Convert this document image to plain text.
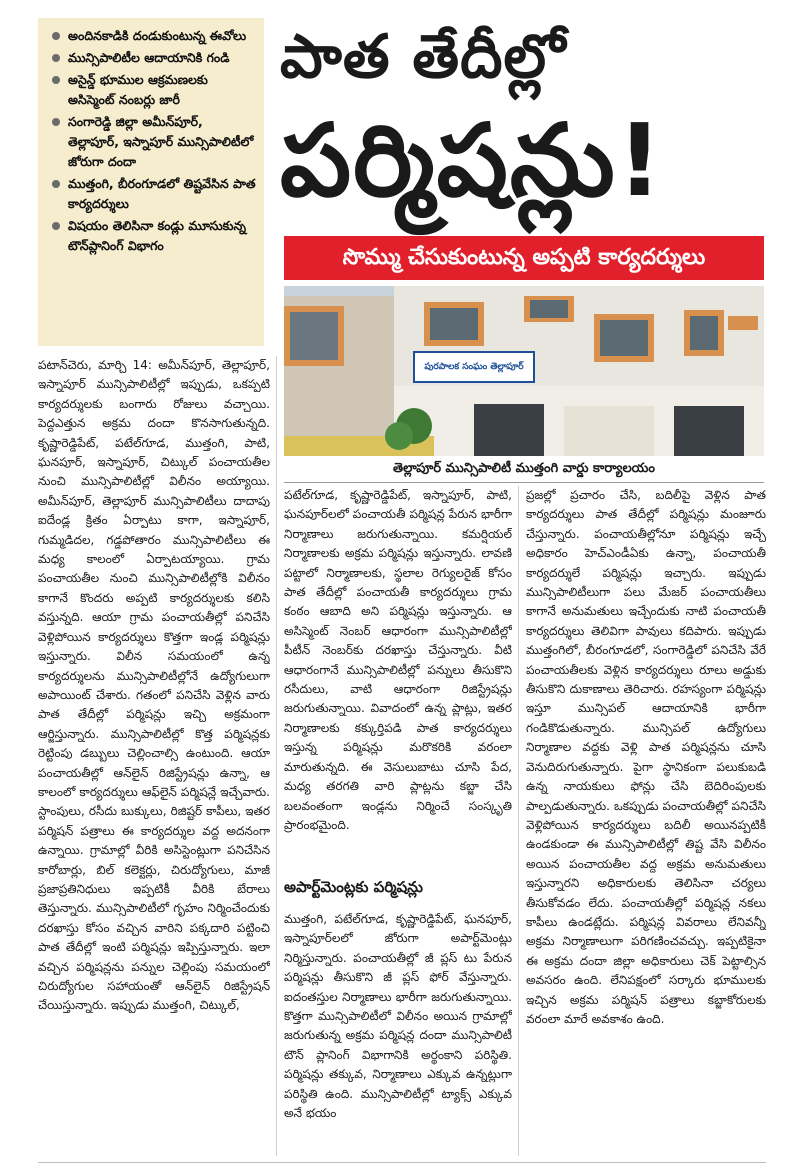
అందినకాడికి దండుకుంటున్న ఈవోలు
మున్సిపాలిటీల ఆదాయానికి గండి
అసైన్డ్ భూముల ఆక్రమణలకు అసిస్మెంట్ నంబర్లు జారీ
సంగారెడ్డి జిల్లా అమీన్‌పూర్, తెల్లాపూర్, ఇస్నాపూర్ మున్సిపాలిటీలో జోరుగా దందా
ముత్తంగి, బీరంగూడలో తిష్టవేసిన పాత కార్యదర్శులు
విషయం తెలిసినా కండ్లు మూసుకున్న టౌన్‌ప్లానింగ్ విభాగం
పాత తేదీల్లో
పర్మిషన్లు!
సొమ్ము చేసుకుంటున్న అప్పటి కార్యదర్శులు
పురపాలక సంఘం తెల్లాపూర్
తెల్లాపూర్ మున్సిపాలిటీ ముత్తంగి వార్డు కార్యాలయం

పటాన్‌చెరు, మార్చి 14: అమీన్‌పూర్, తెల్లాపూర్, ఇస్నాపూర్ మున్సిపాలిటీల్లో ఇప్పుడు, ఒకప్పటి కార్యదర్శులకు బంగారు రోజులు వచ్చాయి. పెద్దఎత్తున అక్రమ దందా కొనసాగుతున్నది. కృష్ణారెడ్డిపేట్, పటేల్‌గూడ, ముత్తంగి, పాటి, ఘనపూర్, ఇస్నాపూర్, చిట్కుల్ పంచాయతీల నుంచి మున్సిపాలిటీల్లో విలీనం అయ్యాయి. అమీన్‌పూర్, తెల్లాపూర్ మున్సిపాలిటీలు దాదాపు ఐదేండ్ల క్రితం ఏర్పాటు కాగా, ఇస్నాపూర్, గుమ్మడిదల, గడ్డపోతారం మున్సిపాలిటీలు ఈ మధ్య కాలంలో ఏర్పాటయ్యాయి. గ్రామ పంచాయతీల నుంచి మున్సిపాలిటీల్లోకి విలీనం కాగానే కొందరు అప్పటి కార్యదర్శులకు కలిసి వస్తున్నది. ఆయా గ్రామ పంచాయతీల్లో పనిచేసి వెళ్లిపోయిన కార్యదర్శులు కొత్తగా ఇండ్ల పర్మిషన్లు ఇస్తున్నారు. విలీన సమయంలో ఉన్న కార్యదర్శులను మున్సిపాలిటీల్లోనే ఉద్యోగులుగా అపాయింట్ చేశారు. గతంలో పనిచేసి వెళ్లిన వారు పాత తేదీల్లో పర్మిషన్లు ఇచ్చి అక్రమంగా ఆర్జిస్తున్నారు. మున్సిపాలిటీల్లో కొత్త పర్మిషన్లకు రెట్టింపు డబ్బులు చెల్లించాల్సి ఉంటుంది. ఆయా పంచాయతీల్లో ఆన్‌లైన్ రిజిస్ట్రేషన్లు ఉన్నా, ఆ కాలంలో కార్యదర్శులు ఆఫ్‌లైన్ పర్మిషన్లే ఇచ్చేవారు. స్టాంపులు, రసీదు బుక్కులు, రిజిష్టర్ కాపీలు, ఇతర పర్మిషన్ పత్రాలు ఈ కార్యదర్శుల వద్ద అదనంగా ఉన్నాయి. గ్రామాల్లో వీరికి అసిస్టెంట్లుగా పనిచేసిన కారోబార్లు, బిల్ కలెక్టర్లు, చిరుద్యోగులు, మాజీ ప్రజాప్రతినిధులు ఇప్పటికీ వీరికి బేరాలు తెస్తున్నారు. మున్సిపాలిటీలో గృహం నిర్మించేందుకు దరఖాస్తు కోసం వచ్చిన వారిని పక్కదారి పట్టించి పాత తేదీల్లో ఇంటి పర్మిషన్లు ఇప్పిస్తున్నారు. ఇలా వచ్చిన పర్మిషన్లను పన్నుల చెల్లింపు సమయంలో చిరుద్యోగుల సహాయంతో ఆన్‌లైన్ రిజిస్ట్రేషన్ చేయిస్తున్నారు. ఇప్పుడు ముత్తంగి, చిట్కుల్,

పటేల్‌గూడ, కృష్ణారెడ్డిపేట్, ఇస్నాపూర్, పాటి, ఘనపూర్‌లలో పంచాయతీ పర్మిషన్ల పేరున భారీగా నిర్మాణాలు జరుగుతున్నాయి. కమర్షియల్ నిర్మాణాలకు అక్రమ పర్మిషన్లు ఇస్తున్నారు. లావణి పట్టాలో నిర్మాణాలకు, స్థలాల రెగ్యులరైజ్ కోసం పాత తేదీల్లో పంచాయతీ కార్యదర్శులు గ్రామ కంఠం ఆబాది అని పర్మిషన్లు ఇస్తున్నారు. ఆ అసిస్మెంట్ నెంబర్ ఆధారంగా మున్సిపాలిటీల్లో పీటీన్ నెంబర్‌కు దరఖాస్తు చేస్తున్నారు. వీటి ఆధారంగానే మున్సిపాలిటీల్లో పన్నులు తీసుకొని రసీదులు, వాటి ఆధారంగా రిజిస్ట్రేషన్లు జరుగుతున్నాయి. వివాదంలో ఉన్న ప్లాట్లు, ఇతర నిర్మాణాలకు కక్కుర్తిపడి పాత కార్యదర్శులు ఇస్తున్న పర్మిషన్లు మరొకరికి వరంలా మారుతున్నది. ఈ వెసులుబాటు చూసి పేద, మధ్య తరగతి వారి ప్లాట్లను కబ్జా చేసి బలవంతంగా ఇండ్లను నిర్మించే సంస్కృతి ప్రారంభమైంది.

అపార్ట్‌మెంట్లకు పర్మిషన్లు

ముత్తంగి, పటేల్‌గూడ, కృష్ణారెడ్డిపేట్, ఘనపూర్, ఇస్నాపూర్‌లలో జోరుగా అపార్ట్‌మెంట్లు నిర్మిస్తున్నారు. పంచాయతీల్లో జీ ప్లస్ టు పేరున పర్మిషన్లు తీసుకొని జీ ప్లస్ ఫోర్ వేస్తున్నారు. ఐదంతస్తుల నిర్మాణాలు భారీగా జరుగుతున్నాయి. కొత్తగా మున్సిపాలిటీలో విలీనం అయిన గ్రామాల్లో జరుగుతున్న అక్రమ పర్మిషన్ల దందా మున్సిపాలిటీ టౌన్ ప్లానింగ్ విభాగానికి అర్థంకాని పరిస్థితి. పర్మిషన్లు తక్కువ, నిర్మాణాలు ఎక్కువ ఉన్నట్లుగా పరిస్థితి ఉంది. మున్సిపాలిటీల్లో ట్యాక్స్ ఎక్కువ అనే భయం

ప్రజల్లో ప్రచారం చేసి, బదిలీపై వెళ్లిన పాత కార్యదర్శులు పాత తేదీల్లో పర్మిషన్లు మంజూరు చేస్తున్నారు. పంచాయతీల్లోనూ పర్మిషన్లు ఇచ్చే అధికారం హెచ్‌ఎండీఏకు ఉన్నా, పంచాయతీ కార్యదర్శులే పర్మిషన్లు ఇచ్చారు. ఇప్పుడు మున్సిపాలిటీలుగా పలు మేజర్ పంచాయతీలు కాగానే అనుమతులు ఇచ్చేందుకు నాటి పంచాయతీ కార్యదర్శులు తెలివిగా పావులు కదిపారు. ఇప్పుడు ముత్తంగిలో, బీరంగూడలో, సంగారెడ్డిలో పనిచేసి వేరే పంచాయతీలకు వెళ్లిన కార్యదర్శులు రూలు అడ్డుకు తీసుకొని దుకాణాలు తెరిచారు. రహస్యంగా పర్మిషన్లు ఇస్తూ మున్సిపల్ ఆదాయానికి భారీగా గండికొడుతున్నారు. మున్సిపల్ ఉద్యోగులు నిర్మాణాల వద్దకు వెళ్లి పాత పర్మిషన్లను చూసి వెనుదిరుగుతున్నారు. పైగా స్థానికంగా పలుకుబడి ఉన్న నాయకులు ఫోన్లు చేసి బెదిరింపులకు పాల్పడుతున్నారు. ఒకప్పుడు పంచాయతీల్లో పనిచేసి వెళ్లిపోయిన కార్యదర్శులు బదిలీ అయినప్పటికీ ఉండకుండా ఈ మున్సిపాలిటీల్లో తిష్ట వేసి విలీనం అయిన పంచాయతీల వద్ద అక్రమ అనుమతులు ఇస్తున్నారని అధికారులకు తెలిసినా చర్యలు తీసుకోవడం లేదు. పంచాయతీల్లో పర్మిషన్ల నకలు కాపీలు ఉండట్లేదు. పర్మిషన్ల వివరాలు లేనివన్నీ అక్రమ నిర్మాణాలుగా పరిగణించవచ్చు. ఇప్పటికైనా ఈ అక్రమ దందా జిల్లా అధికారులు చెక్ పెట్టాల్సిన అవసరం ఉంది. లేనిపక్షంలో సర్కారు భూములకు ఇచ్చిన అక్రమ పర్మిషన్ పత్రాలు కబ్జాకోరులకు వరంలా మారే అవకాశం ఉంది.
